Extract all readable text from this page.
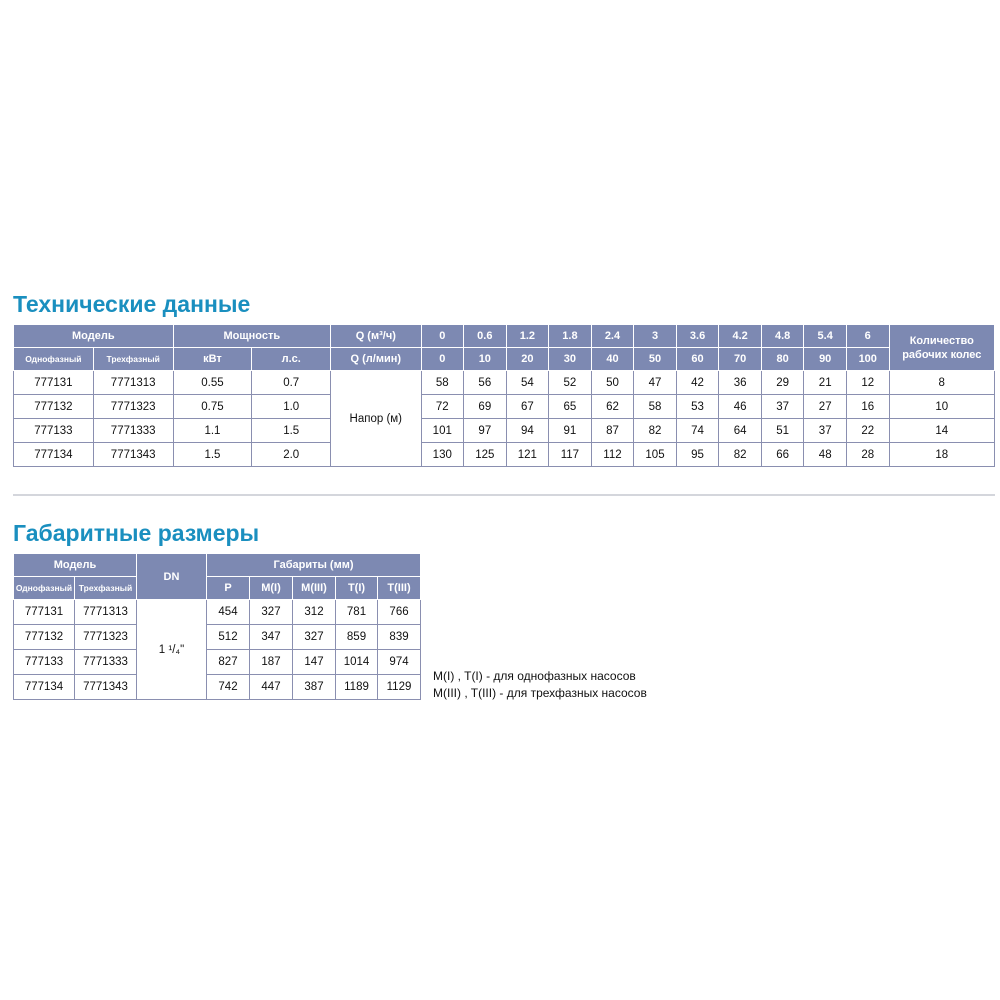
Технические данные
Модель		Мощность		Q (м³/ч)	0	0.6	1.2	1.8	2.4	3	3.6	4.2	4.8	5.4	6	Количество рабочих колес
Однофазный	Трехфазный	кВт	л.с.	Q (л/мин)	0	10	20	30	40	50	60	70	80	90	100	
777131	7771313	0.55	0.7	Напор (м)	58	56	54	52	50	47	42	36	29	21	12	8
777132	7771323	0.75	1.0		72	69	67	65	62	58	53	46	37	27	16	10
777133	7771333	1.1	1.5		101	97	94	91	87	82	74	64	51	37	22	14
777134	7771343	1.5	2.0		130	125	121	117	112	105	95	82	66	48	28	18
Габаритные размеры
Модель		DN	Габариты (мм)				
Однофазный	Трехфазный		P	M(I)	M(III)	T(I)	T(III)
777131	7771313	1 ¹/₄"	454	327	312	781	766
777132	7771323		512	347	327	859	839
777133	7771333		827	187	147	1014	974
777134	7771343		742	447	387	1189	1129

M(I) , T(I) - для однофазных насосов

M(III) , T(III) - для трехфазных насосов
